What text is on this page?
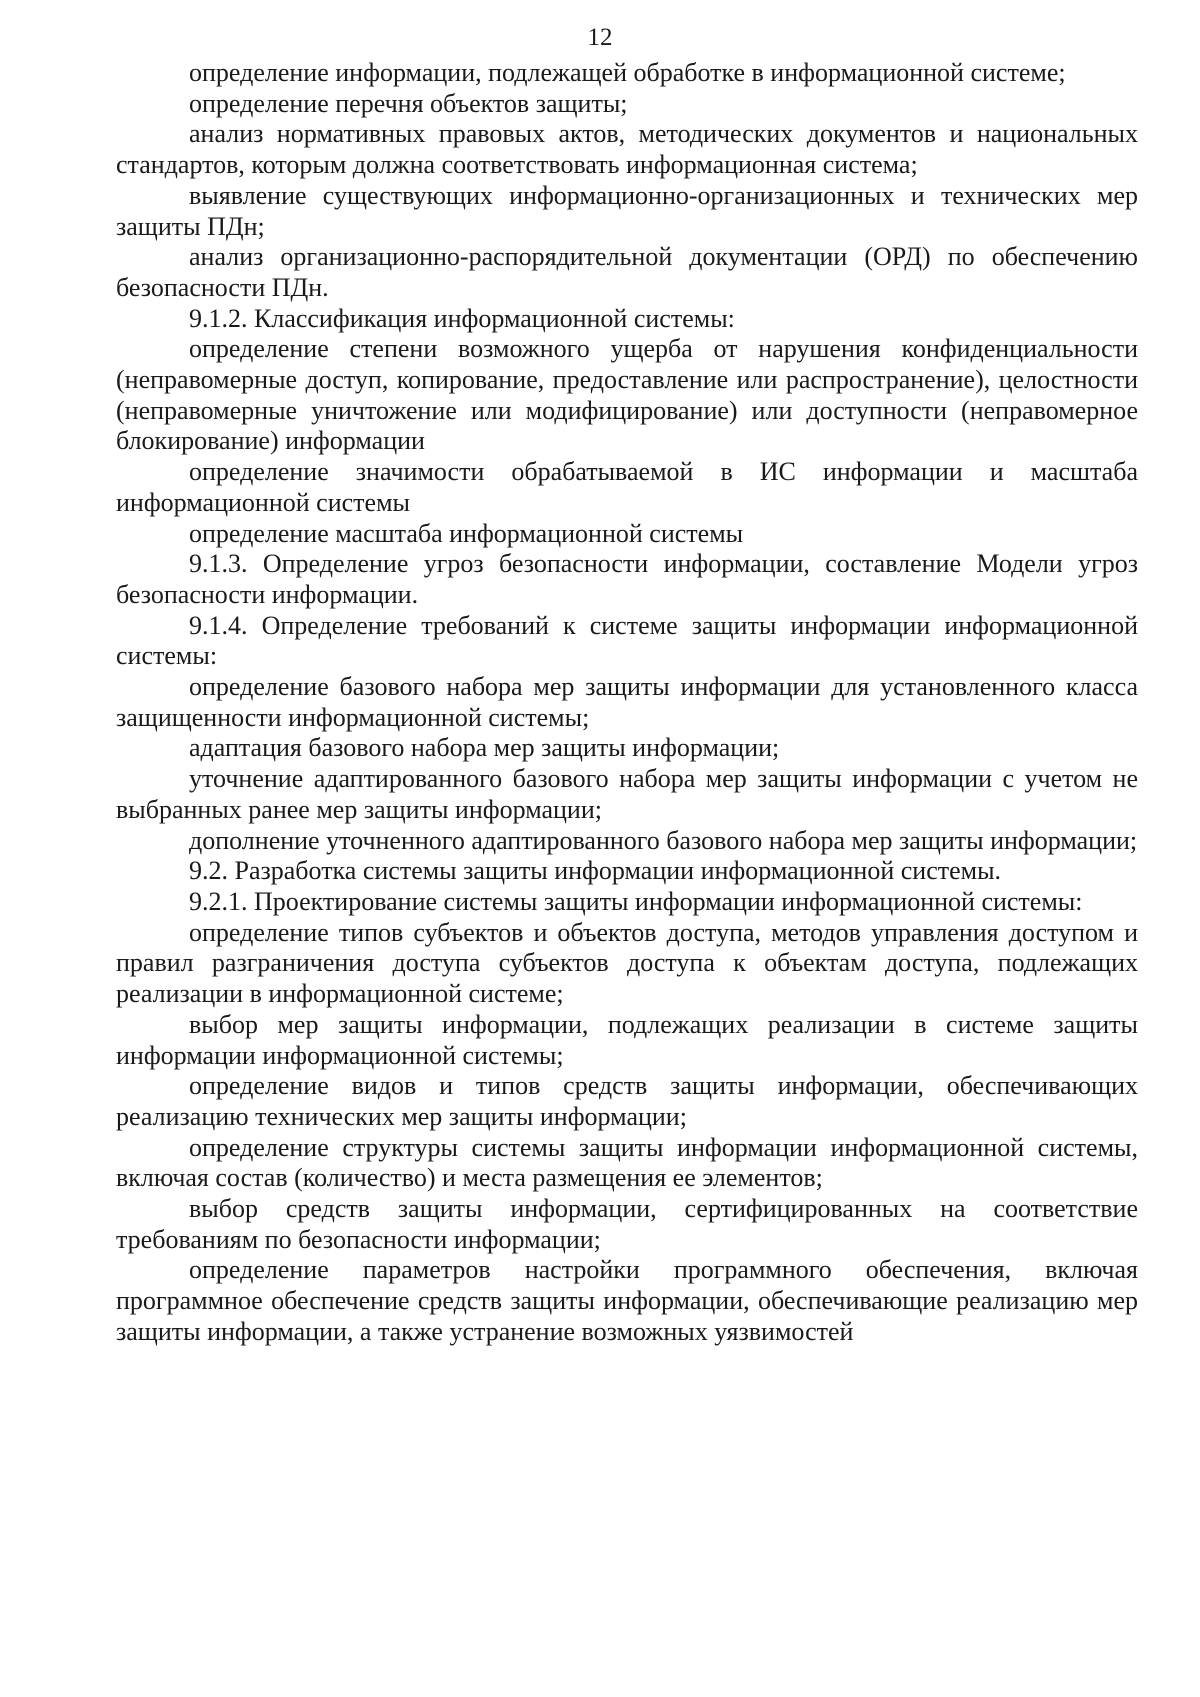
12

определение информации, подлежащей обработке в информационной системе;

определение перечня объектов защиты;

анализ нормативных правовых актов, методических документов и национальных стандартов, которым должна соответствовать информационная система;

выявление существующих информационно-организационных и технических мер защиты ПДн;

анализ организационно-распорядительной документации (ОРД) по обеспечению безопасности ПДн.

9.1.2. Классификация информационной системы:

определение степени возможного ущерба от нарушения конфиденциальности (неправомерные доступ, копирование, предоставление или распространение), целостности (неправомерные уничтожение или модифицирование) или доступности (неправомерное блокирование) информации

определение значимости обрабатываемой в ИС информации и масштаба информационной системы

определение масштаба информационной системы

9.1.3. Определение угроз безопасности информации, составление Модели угроз безопасности информации.

9.1.4. Определение требований к системе защиты информации информационной системы:

определение базового набора мер защиты информации для установленного класса защищенности информационной системы;

адаптация базового набора мер защиты информации;

уточнение адаптированного базового набора мер защиты информации с учетом не выбранных ранее мер защиты информации;

дополнение уточненного адаптированного базового набора мер защиты информации;

9.2. Разработка системы защиты информации информационной системы.

9.2.1. Проектирование системы защиты информации информационной системы:

определение типов субъектов и объектов доступа, методов управления доступом и правил разграничения доступа субъектов доступа к объектам доступа, подлежащих реализации в информационной системе;

выбор мер защиты информации, подлежащих реализации в системе защиты информации информационной системы;

определение видов и типов средств защиты информации, обеспечивающих реализацию технических мер защиты информации;

определение структуры системы защиты информации информационной системы, включая состав (количество) и места размещения ее элементов;

выбор средств защиты информации, сертифицированных на соответствие требованиям по безопасности информации;

определение параметров настройки программного обеспечения, включая программное обеспечение средств защиты информации, обеспечивающие реализацию мер защиты информации, а также устранение возможных уязвимостей
